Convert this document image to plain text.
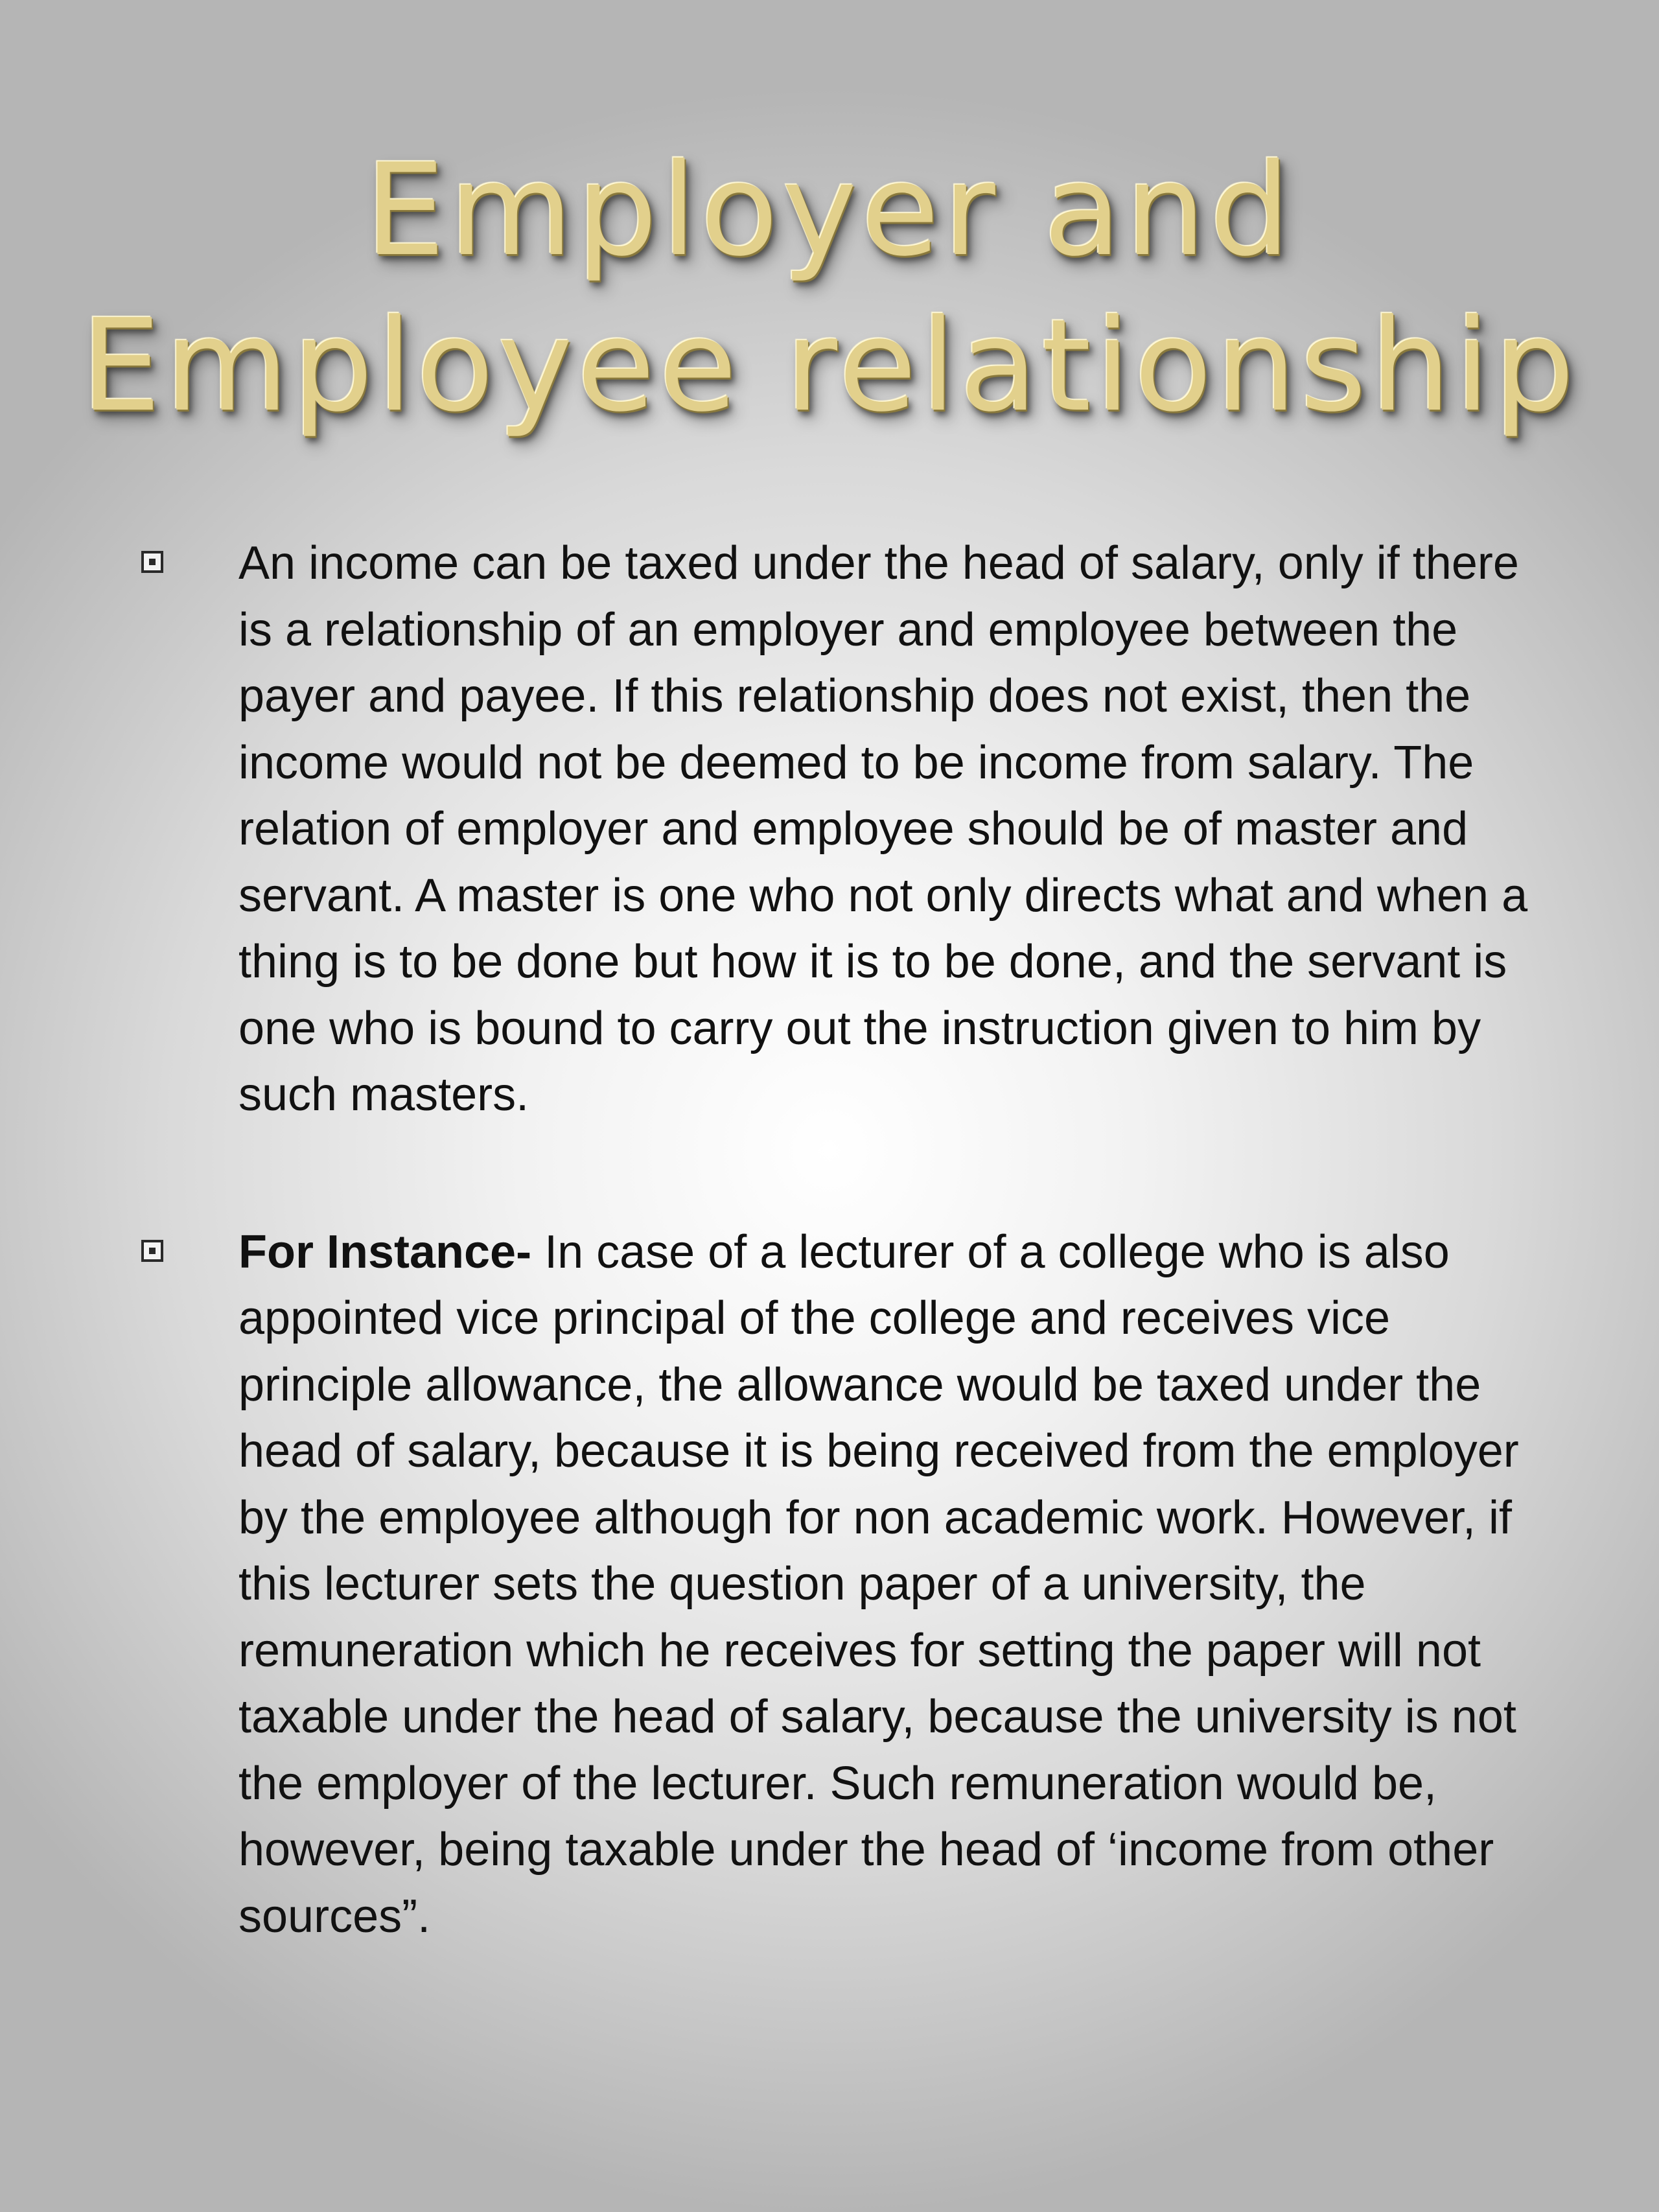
Employer and
Employee relationship
An income can be taxed under the head of salary, only if there is a relationship of an employer and employee between the payer and payee. If this relationship does not exist, then the income would not be deemed to be income from salary. The relation of employer and employee should be of master and servant. A master is one who not only directs what and when a thing is to be done but how it is to be done, and the servant is one who is bound to carry out the instruction given to him by such masters.
For Instance- In case of a lecturer of a college who is also appointed vice principal of the college and receives vice principle allowance, the allowance would be taxed under the head of salary, because it is being received from the employer by the employee although for non academic work. However, if this lecturer sets the question paper of a university, the remuneration which he receives for setting the paper will not taxable under the head of salary, because the university is not the employer of the lecturer. Such remuneration would be, however, being taxable under the head of ‘income from other sources”.
